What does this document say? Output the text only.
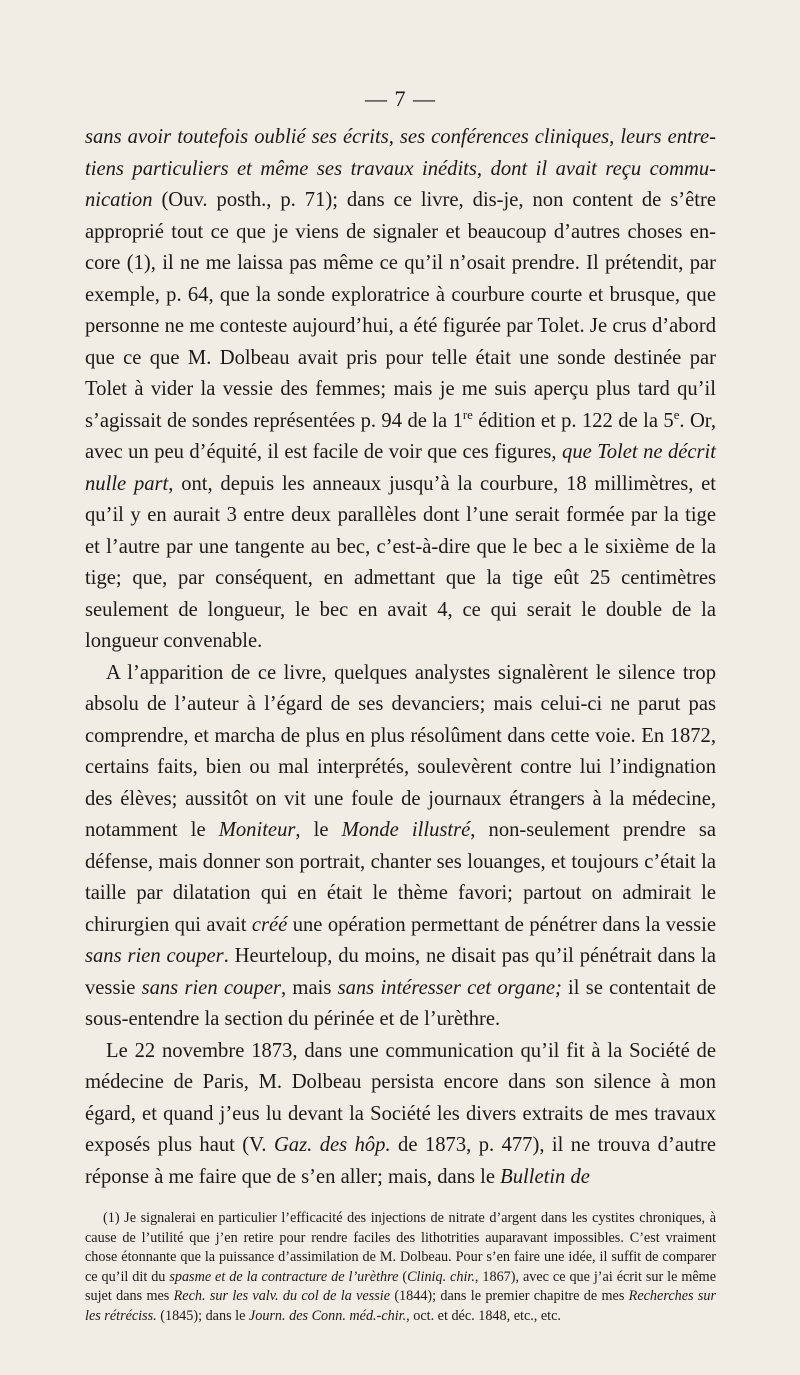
— 7 —

sans avoir toutefois oublié ses écrits, ses conférences cliniques, leurs entretiens particuliers et même ses travaux inédits, dont il avait reçu communication (Ouv. posth., p. 71); dans ce livre, dis-je, non content de s’être approprié tout ce que je viens de signaler et beaucoup d’autres choses encore (1), il ne me laissa pas même ce qu’il n’osait prendre. Il prétendit, par exemple, p. 64, que la sonde exploratrice à courbure courte et brusque, que personne ne me conteste aujourd’hui, a été figurée par Tolet. Je crus d’abord que ce que M. Dolbeau avait pris pour telle était une sonde destinée par Tolet à vider la vessie des femmes; mais je me suis aperçu plus tard qu’il s’agissait de sondes représentées p. 94 de la 1re édition et p. 122 de la 5e. Or, avec un peu d’équité, il est facile de voir que ces figures, que Tolet ne décrit nulle part, ont, depuis les anneaux jusqu’à la courbure, 18 millimètres, et qu’il y en aurait 3 entre deux parallèles dont l’une serait formée par la tige et l’autre par une tangente au bec, c’est-à-dire que le bec a le sixième de la tige; que, par conséquent, en admettant que la tige eût 25 centimètres seulement de longueur, le bec en avait 4, ce qui serait le double de la longueur convenable.

A l’apparition de ce livre, quelques analystes signalèrent le silence trop absolu de l’auteur à l’égard de ses devanciers; mais celui-ci ne parut pas comprendre, et marcha de plus en plus résolûment dans cette voie. En 1872, certains faits, bien ou mal interprétés, soulevèrent contre lui l’indignation des élèves; aussitôt on vit une foule de journaux étrangers à la médecine, notamment le Moniteur, le Monde illustré, non-seulement prendre sa défense, mais donner son portrait, chanter ses louanges, et toujours c’était la taille par dilatation qui en était le thème favori; partout on admirait le chirurgien qui avait créé une opération permettant de pénétrer dans la vessie sans rien couper. Heurteloup, du moins, ne disait pas qu’il pénétrait dans la vessie sans rien couper, mais sans intéresser cet organe; il se contentait de sous-entendre la section du périnée et de l’urèthre.

Le 22 novembre 1873, dans une communication qu’il fit à la Société de médecine de Paris, M. Dolbeau persista encore dans son silence à mon égard, et quand j’eus lu devant la Société les divers extraits de mes travaux exposés plus haut (V. Gaz. des hôp. de 1873, p. 477), il ne trouva d’autre réponse à me faire que de s’en aller; mais, dans le Bulletin de

(1) Je signalerai en particulier l’efficacité des injections de nitrate d’argent dans les cystites chroniques, à cause de l’utilité que j’en retire pour rendre faciles des lithotrities auparavant impossibles. C’est vraiment chose étonnante que la puissance d’assimilation de M. Dolbeau. Pour s’en faire une idée, il suffit de comparer ce qu’il dit du spasme et de la contracture de l’urèthre (Cliniq. chir., 1867), avec ce que j’ai écrit sur le même sujet dans mes Rech. sur les valv. du col de la vessie (1844); dans le premier chapitre de mes Recherches sur les rétréciss. (1845); dans le Journ. des Conn. méd.-chir., oct. et déc. 1848, etc., etc.
